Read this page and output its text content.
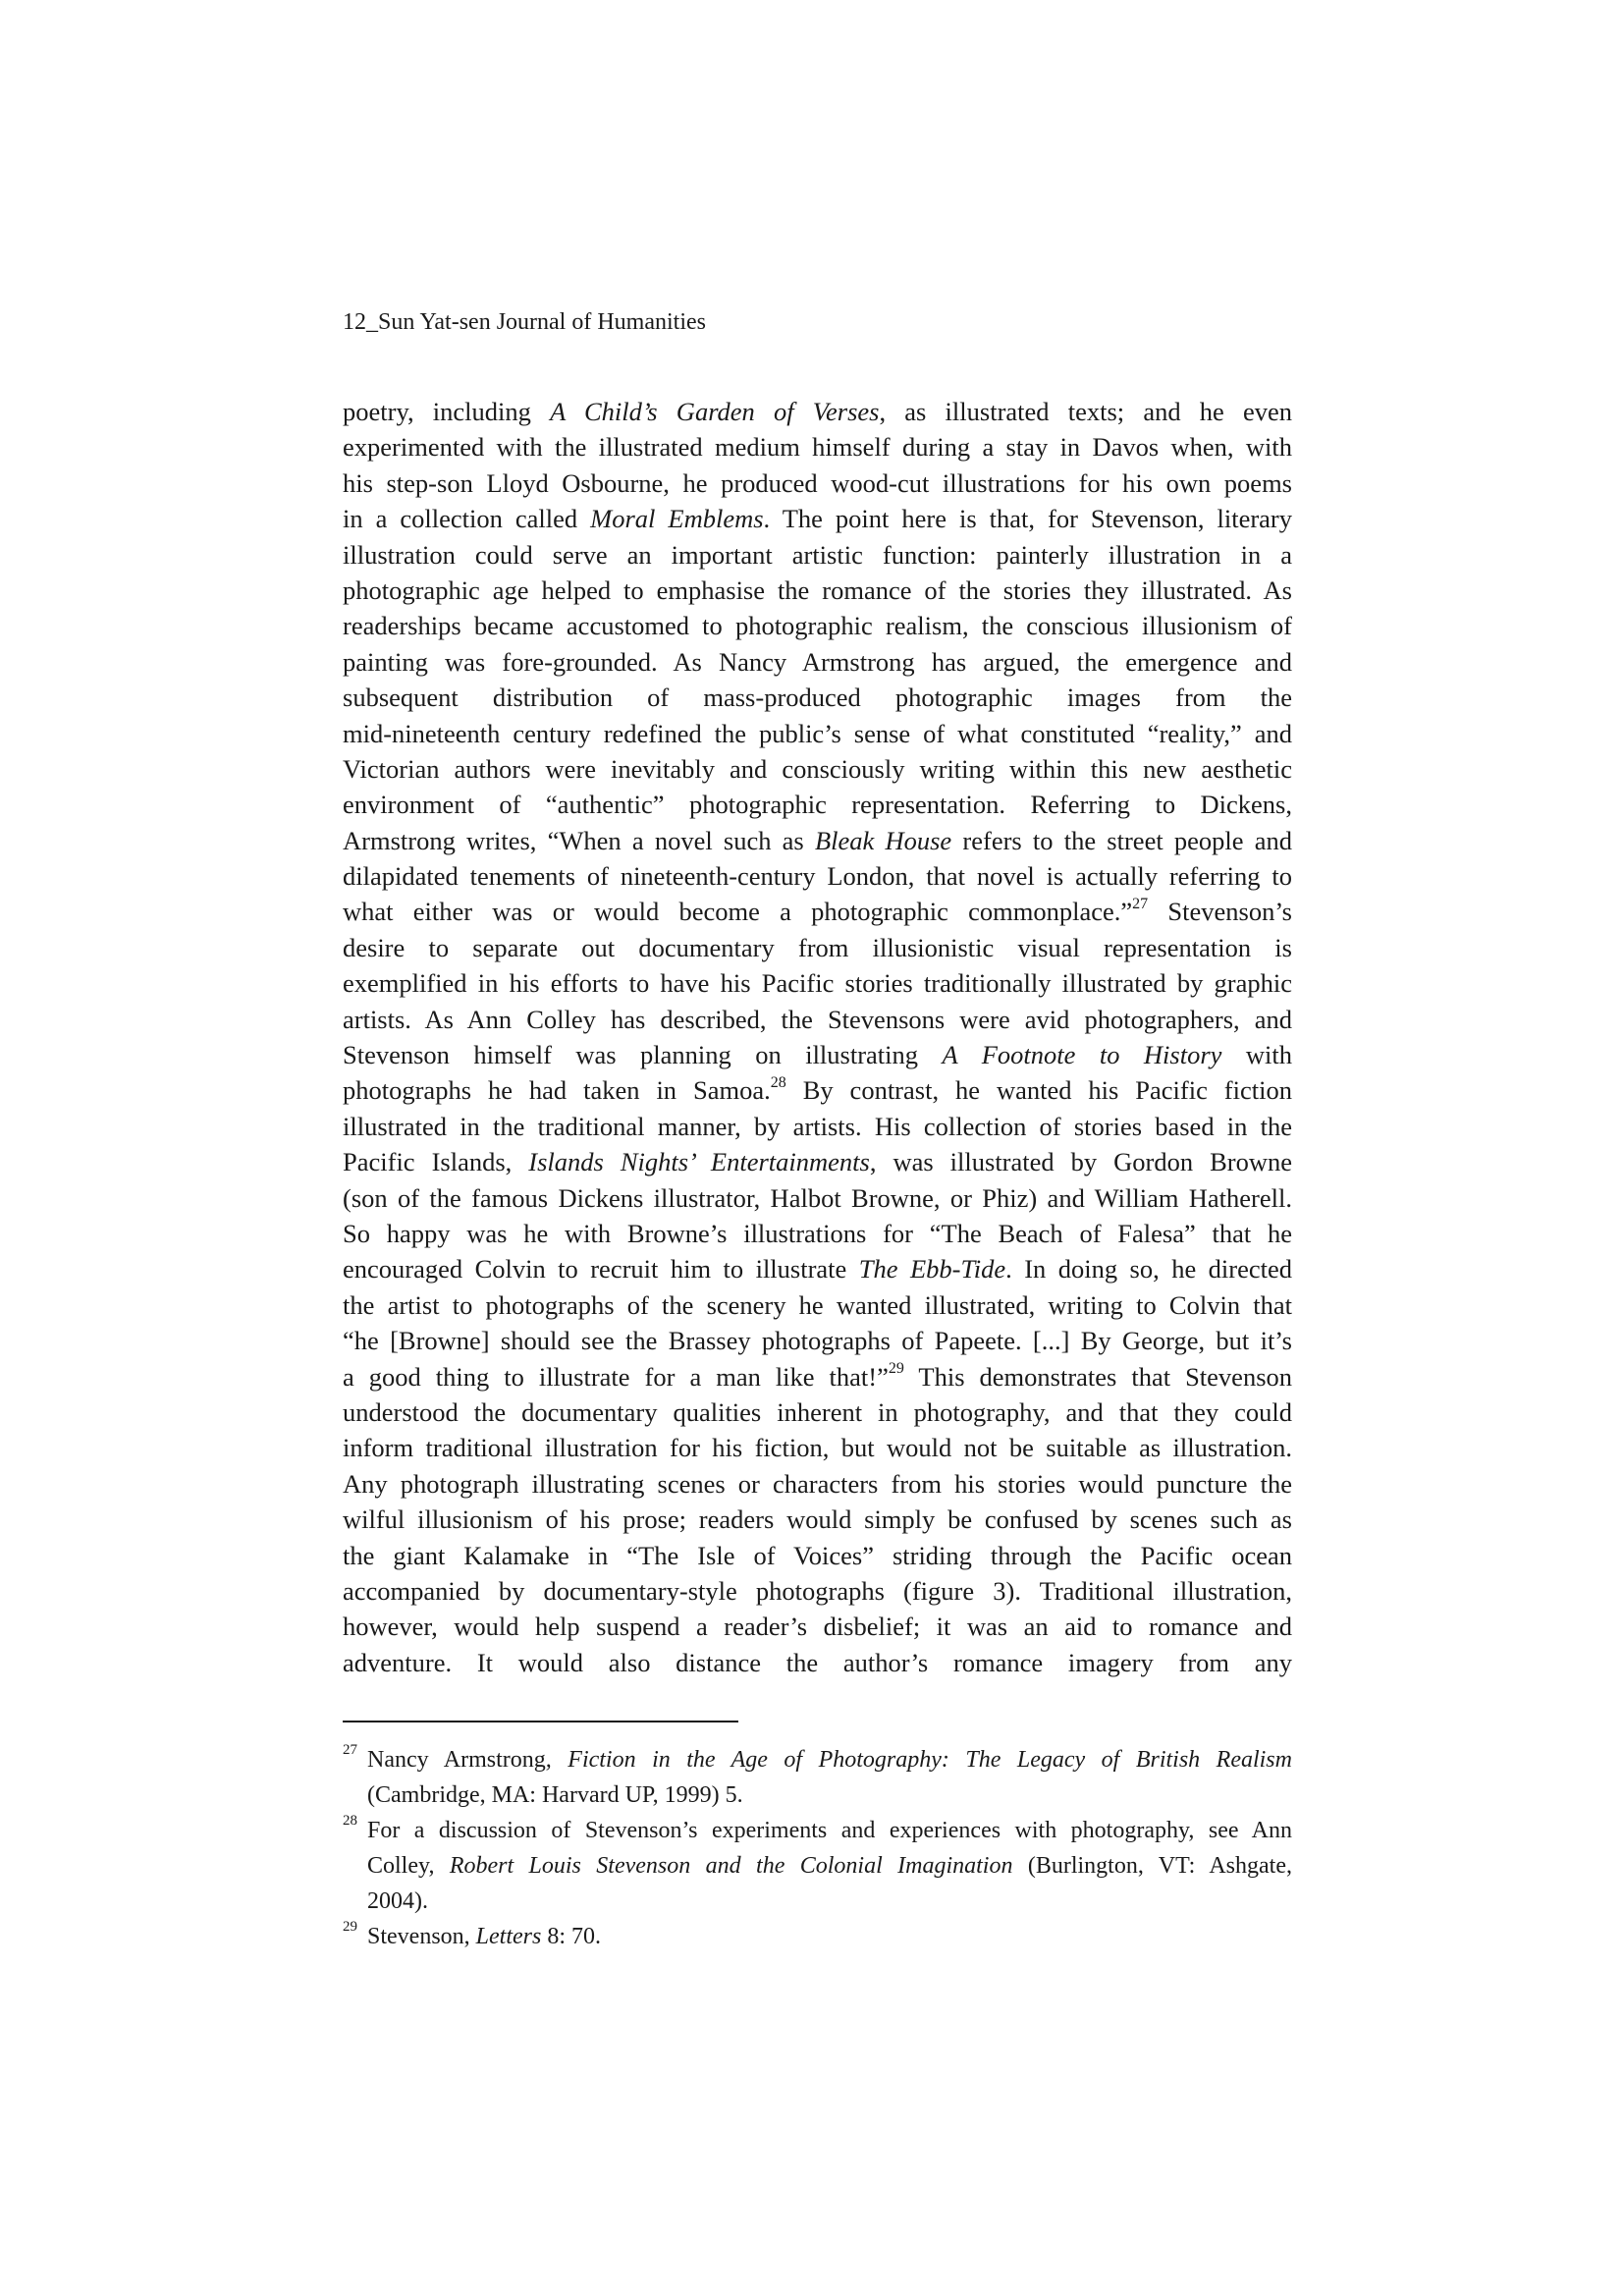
12_Sun Yat-sen Journal of Humanities
poetry, including A Child’s Garden of Verses, as illustrated texts; and he even
experimented with the illustrated medium himself during a stay in Davos when, with
his step-son Lloyd Osbourne, he produced wood-cut illustrations for his own poems
in a collection called Moral Emblems. The point here is that, for Stevenson, literary
illustration could serve an important artistic function: painterly illustration in a
photographic age helped to emphasise the romance of the stories they illustrated. As
readerships became accustomed to photographic realism, the conscious illusionism of
painting was fore-grounded. As Nancy Armstrong has argued, the emergence and
subsequent distribution of mass-produced photographic images from the
mid-nineteenth century redefined the public’s sense of what constituted “reality,” and
Victorian authors were inevitably and consciously writing within this new aesthetic
environment of “authentic” photographic representation. Referring to Dickens,
Armstrong writes, “When a novel such as Bleak House refers to the street people and
dilapidated tenements of nineteenth-century London, that novel is actually referring to
what either was or would become a photographic commonplace.”$^{27}$ Stevenson’s
desire to separate out documentary from illusionistic visual representation is
exemplified in his efforts to have his Pacific stories traditionally illustrated by graphic
artists. As Ann Colley has described, the Stevensons were avid photographers, and
Stevenson himself was planning on illustrating A Footnote to History with
photographs he had taken in Samoa.$^{28}$ By contrast, he wanted his Pacific fiction
illustrated in the traditional manner, by artists. His collection of stories based in the
Pacific Islands, Islands Nights’ Entertainments, was illustrated by Gordon Browne
(son of the famous Dickens illustrator, Halbot Browne, or Phiz) and William Hatherell.
So happy was he with Browne’s illustrations for “The Beach of Falesa” that he
encouraged Colvin to recruit him to illustrate The Ebb-Tide. In doing so, he directed
the artist to photographs of the scenery he wanted illustrated, writing to Colvin that
“he [Browne] should see the Brassey photographs of Papeete. [...] By George, but it’s
a good thing to illustrate for a man like that!”$^{29}$ This demonstrates that Stevenson
understood the documentary qualities inherent in photography, and that they could
inform traditional illustration for his fiction, but would not be suitable as illustration.
Any photograph illustrating scenes or characters from his stories would puncture the
wilful illusionism of his prose; readers would simply be confused by scenes such as
the giant Kalamake in “The Isle of Voices” striding through the Pacific ocean
accompanied by documentary-style photographs (figure 3). Traditional illustration,
however, would help suspend a reader’s disbelief; it was an aid to romance and
adventure. It would also distance the author’s romance imagery from any
27 Nancy Armstrong, Fiction in the Age of Photography: The Legacy of British Realism
(Cambridge, MA: Harvard UP, 1999) 5.
28 For a discussion of Stevenson’s experiments and experiences with photography, see Ann
Colley, Robert Louis Stevenson and the Colonial Imagination (Burlington, VT: Ashgate,
2004).
29 Stevenson, Letters 8: 70.
